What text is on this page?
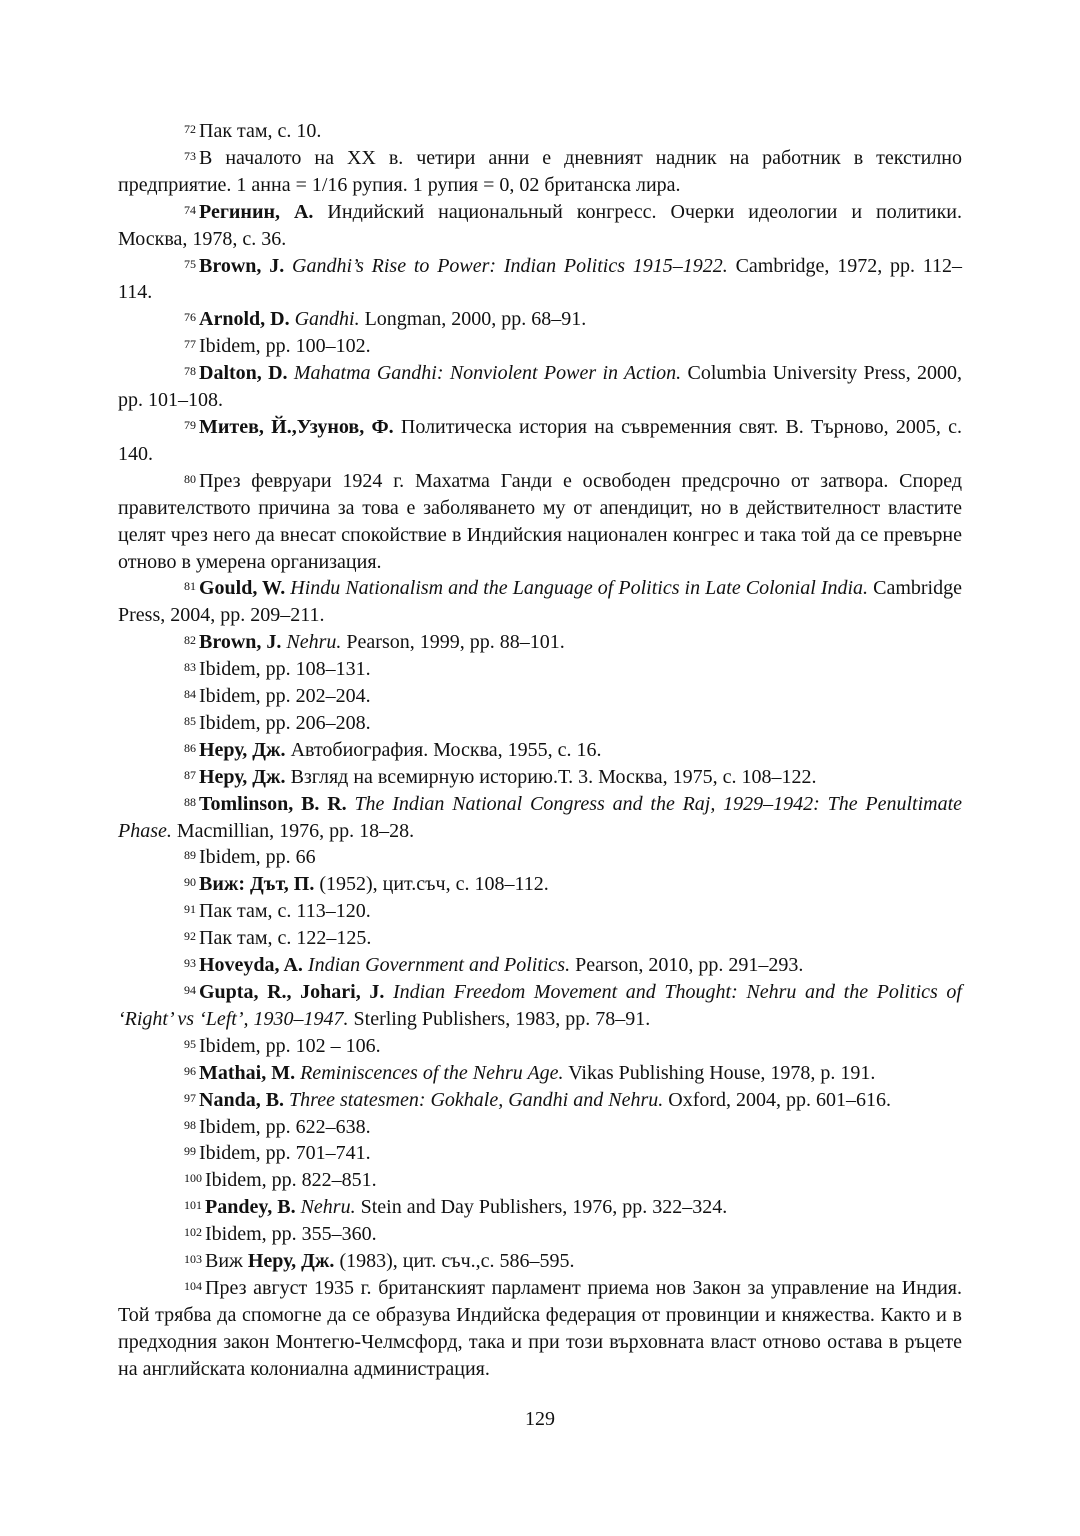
$^{72}$ Пак там, с. 10.

$^{73}$ В началото на XX в. четири анни е дневният надник на работник в текстилно предприятие. 1 анна = 1/16 рупия. 1 рупия = 0, 02 британска лира.

$^{74}$ Регинин, А. Индийский национальный конгресс. Очерки идеологии и политики. Москва, 1978, с. 36.

$^{75}$ Brown, J. Gandhi’s Rise to Power: Indian Politics 1915–1922. Cambridge, 1972, pp. 112–114.

$^{76}$ Arnold, D. Gandhi. Longman, 2000, pp. 68–91.

$^{77}$ Ibidem, pp. 100–102.

$^{78}$ Dalton, D. Mahatma Gandhi: Nonviolent Power in Action. Columbia University Press, 2000, pp. 101–108.

$^{79}$ Митев, Й.,Узунов, Ф. Политическа история на съвременния свят. В. Търново, 2005, с. 140.

$^{80}$ През февруари 1924 г. Махатма Ганди е освободен предсрочно от затвора. Според правителството причина за това е заболяването му от апендицит, но в действителност властите целят чрез него да внесат спокойствие в Индийския национален конгрес и така той да се превърне отново в умерена организация.

$^{81}$ Gould, W. Hindu Nationalism and the Language of Politics in Late Colonial India. Cambridge Press, 2004, pp. 209–211.

$^{82}$ Brown, J. Nehru. Pearson, 1999, pp. 88–101.

$^{83}$ Ibidem, pp. 108–131.

$^{84}$ Ibidem, pp. 202–204.

$^{85}$ Ibidem, pp. 206–208.

$^{86}$ Неру, Дж. Автобиография. Москва, 1955, с. 16.

$^{87}$ Неру, Дж. Взгляд на всемирную историю.Т. 3. Москва, 1975, с. 108–122.

$^{88}$ Tomlinson, B. R. The Indian National Congress and the Raj, 1929–1942: The Penultimate Phase. Macmillian, 1976, pp. 18–28.

$^{89}$ Ibidem, pp. 66

$^{90}$ Виж: Дът, П. (1952), цит.съч, с. 108–112.

$^{91}$ Пак там, с. 113–120.

$^{92}$ Пак там, с. 122–125.

$^{93}$ Hoveyda, A. Indian Government and Politics. Pearson, 2010, pp. 291–293.

$^{94}$ Gupta, R., Johari, J. Indian Freedom Movement and Thought: Nehru and the Politics of ‘Right’ vs ‘Left’, 1930–1947. Sterling Publishers, 1983, pp. 78–91.

$^{95}$ Ibidem, pp. 102 – 106.

$^{96}$ Mathai, M. Reminiscences of the Nehru Age. Vikas Publishing House, 1978, p. 191.

$^{97}$ Nanda, B. Three statesmen: Gokhale, Gandhi and Nehru. Oxford, 2004, pp. 601–616.

$^{98}$ Ibidem, pp. 622–638.

$^{99}$ Ibidem, pp. 701–741.

$^{100}$ Ibidem, pp. 822–851.

$^{101}$ Pandey, B. Nehru. Stein and Day Publishers, 1976, pp. 322–324.

$^{102}$ Ibidem, pp. 355–360.

$^{103}$ Виж Неру, Дж. (1983), цит. съч.,с. 586–595.

$^{104}$ През август 1935 г. британският парламент приема нов Закон за управление на Индия. Той трябва да спомогне да се образува Индийска федерация от провинции и княжества. Както и в предходния закон Монтегю-Челмсфорд, така и при този върховната власт отново остава в ръцете на английската колониална администрация.

129
